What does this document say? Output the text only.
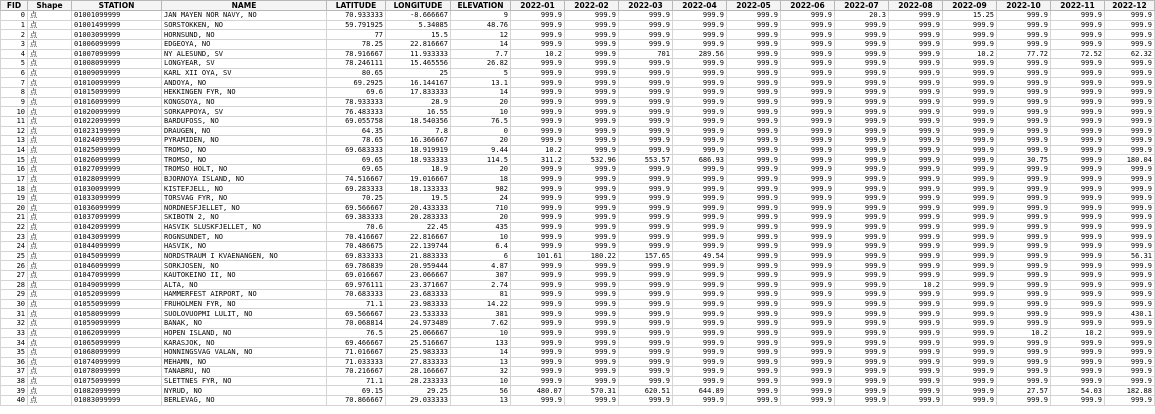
FID	Shape	STATION	NAME	LATITUDE	LONGITUDE	ELEVATION	2022-01	2022-02	2022-03	2022-04	2022-05	2022-06	2022-07	2022-08	2022-09	2022-10	2022-11	2022-12
0	点	01001099999	JAN MAYEN NOR NAVY, NO	70.933333	-8.666667	9	999.9	999.9	999.9	999.9	999.9	999.9	20.3	999.9	15.25	999.9	999.9	999.9
1	点	01001499999	SORSTOKKEN, NO	59.791925	5.34085	48.76	999.9	999.9	999.9	999.9	999.9	999.9	999.9	999.9	999.9	999.9	999.9	999.9
2	点	01003099999	HORNSUND, NO	77	15.5	12	999.9	999.9	999.9	999.9	999.9	999.9	999.9	999.9	999.9	999.9	999.9	999.9
3	点	01006099999	EDGEOYA, NO	78.25	22.816667	14	999.9	999.9	999.9	999.9	999.9	999.9	999.9	999.9	999.9	999.9	999.9	999.9
4	点	01007099999	NY ALESUND, SV	78.916667	11.933333	7.7	10.2	999.9	701	289.56	999.9	999.9	999.9	999.9	10.2	77.72	72.52	62.32
5	点	01008099999	LONGYEAR, SV	78.246111	15.465556	26.82	999.9	999.9	999.9	999.9	999.9	999.9	999.9	999.9	999.9	999.9	999.9	999.9
6	点	01009099999	KARL XII OYA, SV	80.65	25	5	999.9	999.9	999.9	999.9	999.9	999.9	999.9	999.9	999.9	999.9	999.9	999.9
7	点	01010099999	ANDOYA, NO	69.2925	16.144167	13.1	999.9	999.9	999.9	999.9	999.9	999.9	999.9	999.9	999.9	999.9	999.9	999.9
8	点	01015099999	HEKKINGEN FYR, NO	69.6	17.833333	14	999.9	999.9	999.9	999.9	999.9	999.9	999.9	999.9	999.9	999.9	999.9	999.9
9	点	01016099999	KONGSOYA, NO	78.933333	28.9	20	999.9	999.9	999.9	999.9	999.9	999.9	999.9	999.9	999.9	999.9	999.9	999.9
10	点	01020099999	SORKAPPOYA, SV	76.483333	16.55	10	999.9	999.9	999.9	999.9	999.9	999.9	999.9	999.9	999.9	999.9	999.9	999.9
11	点	01022099999	BARDUFOSS, NO	69.055758	18.540356	76.5	999.9	999.9	999.9	999.9	999.9	999.9	999.9	999.9	999.9	999.9	999.9	999.9
12	点	01023199999	DRAUGEN, NO	64.35	7.8	0	999.9	999.9	999.9	999.9	999.9	999.9	999.9	999.9	999.9	999.9	999.9	999.9
13	点	01024099999	PYRAMIDEN, NO	78.65	16.366667	20	999.9	999.9	999.9	999.9	999.9	999.9	999.9	999.9	999.9	999.9	999.9	999.9
14	点	01025099999	TROMSO, NO	69.683333	18.919919	9.44	10.2	999.9	999.9	999.9	999.9	999.9	999.9	999.9	999.9	999.9	999.9	999.9
15	点	01026099999	TROMSO, NO	69.65	18.933333	114.5	311.2	532.96	553.57	686.93	999.9	999.9	999.9	999.9	999.9	30.75	999.9	180.04
16	点	01027099999	TROMSO HOLT, NO	69.65	18.9	20	999.9	999.9	999.9	999.9	999.9	999.9	999.9	999.9	999.9	999.9	999.9	999.9
17	点	01028099999	BJORNOYA ISLAND, NO	74.516667	19.016667	18	999.9	999.9	999.9	999.9	999.9	999.9	999.9	999.9	999.9	999.9	999.9	999.9
18	点	01030099999	KISTEFJELL, NO	69.283333	18.133333	982	999.9	999.9	999.9	999.9	999.9	999.9	999.9	999.9	999.9	999.9	999.9	999.9
19	点	01033099999	TORSVAG FYR, NO	70.25	19.5	24	999.9	999.9	999.9	999.9	999.9	999.9	999.9	999.9	999.9	999.9	999.9	999.9
20	点	01036099999	NORDNESFJELLET, NO	69.566667	20.433333	710	999.9	999.9	999.9	999.9	999.9	999.9	999.9	999.9	999.9	999.9	999.9	999.9
21	点	01037099999	SKIBOTN 2, NO	69.383333	20.283333	20	999.9	999.9	999.9	999.9	999.9	999.9	999.9	999.9	999.9	999.9	999.9	999.9
22	点	01042099999	HASVIK SLUSKFJELLET, NO	70.6	22.45	435	999.9	999.9	999.9	999.9	999.9	999.9	999.9	999.9	999.9	999.9	999.9	999.9
23	点	01043099999	ROGNSUNDET, NO	70.416667	22.816667	10	999.9	999.9	999.9	999.9	999.9	999.9	999.9	999.9	999.9	999.9	999.9	999.9
24	点	01044099999	HASVIK, NO	70.486675	22.139744	6.4	999.9	999.9	999.9	999.9	999.9	999.9	999.9	999.9	999.9	999.9	999.9	999.9
25	点	01045099999	NORDSTRAUM I KVAENANGEN, NO	69.833333	21.883333	6	101.61	180.22	157.65	49.54	999.9	999.9	999.9	999.9	999.9	999.9	999.9	56.31
26	点	01046099999	SORKJOSEN, NO	69.786839	20.959444	4.87	999.9	999.9	999.9	999.9	999.9	999.9	999.9	999.9	999.9	999.9	999.9	999.9
27	点	01047099999	KAUTOKEINO II, NO	69.016667	23.066667	307	999.9	999.9	999.9	999.9	999.9	999.9	999.9	999.9	999.9	999.9	999.9	999.9
28	点	01049099999	ALTA, NO	69.976111	23.371667	2.74	999.9	999.9	999.9	999.9	999.9	999.9	999.9	10.2	999.9	999.9	999.9	999.9
29	点	01052099999	HAMMERFEST AIRPORT, NO	70.683333	23.683333	81	999.9	999.9	999.9	999.9	999.9	999.9	999.9	999.9	999.9	999.9	999.9	999.9
30	点	01055099999	FRUHOLMEN FYR, NO	71.1	23.983333	14.22	999.9	999.9	999.9	999.9	999.9	999.9	999.9	999.9	999.9	999.9	999.9	999.9
31	点	01058099999	SUOLOVUOPMI LULIT, NO	69.566667	23.533333	381	999.9	999.9	999.9	999.9	999.9	999.9	999.9	999.9	999.9	999.9	999.9	430.1
32	点	01059099999	BANAK, NO	70.068814	24.973489	7.62	999.9	999.9	999.9	999.9	999.9	999.9	999.9	999.9	999.9	999.9	999.9	999.9
33	点	01062099999	HOPEN ISLAND, NO	76.5	25.066667	10	999.9	999.9	999.9	999.9	999.9	999.9	999.9	999.9	999.9	10.2	10.2	999.9
34	点	01065099999	KARASJOK, NO	69.466667	25.516667	133	999.9	999.9	999.9	999.9	999.9	999.9	999.9	999.9	999.9	999.9	999.9	999.9
35	点	01068099999	HONNINGSVAG VALAN, NO	71.016667	25.983333	14	999.9	999.9	999.9	999.9	999.9	999.9	999.9	999.9	999.9	999.9	999.9	999.9
36	点	01074099999	MEHAMN, NO	71.033333	27.833333	13	999.9	999.9	999.9	999.9	999.9	999.9	999.9	999.9	999.9	999.9	999.9	999.9
37	点	01078099999	TANABRU, NO	70.216667	28.166667	32	999.9	999.9	999.9	999.9	999.9	999.9	999.9	999.9	999.9	999.9	999.9	999.9
38	点	01075099999	SLETTNES FYR, NO	71.1	28.233333	10	999.9	999.9	999.9	999.9	999.9	999.9	999.9	999.9	999.9	999.9	999.9	999.9
39	点	01082099999	NYRUD, NO	69.15	29.25	56	480.07	570.31	620.51	644.89	999.9	999.9	999.9	999.9	999.9	27.57	54.03	182.88
40	点	01083099999	BERLEVAG, NO	70.866667	29.033333	13	999.9	999.9	999.9	999.9	999.9	999.9	999.9	999.9	999.9	999.9	999.9	999.9
